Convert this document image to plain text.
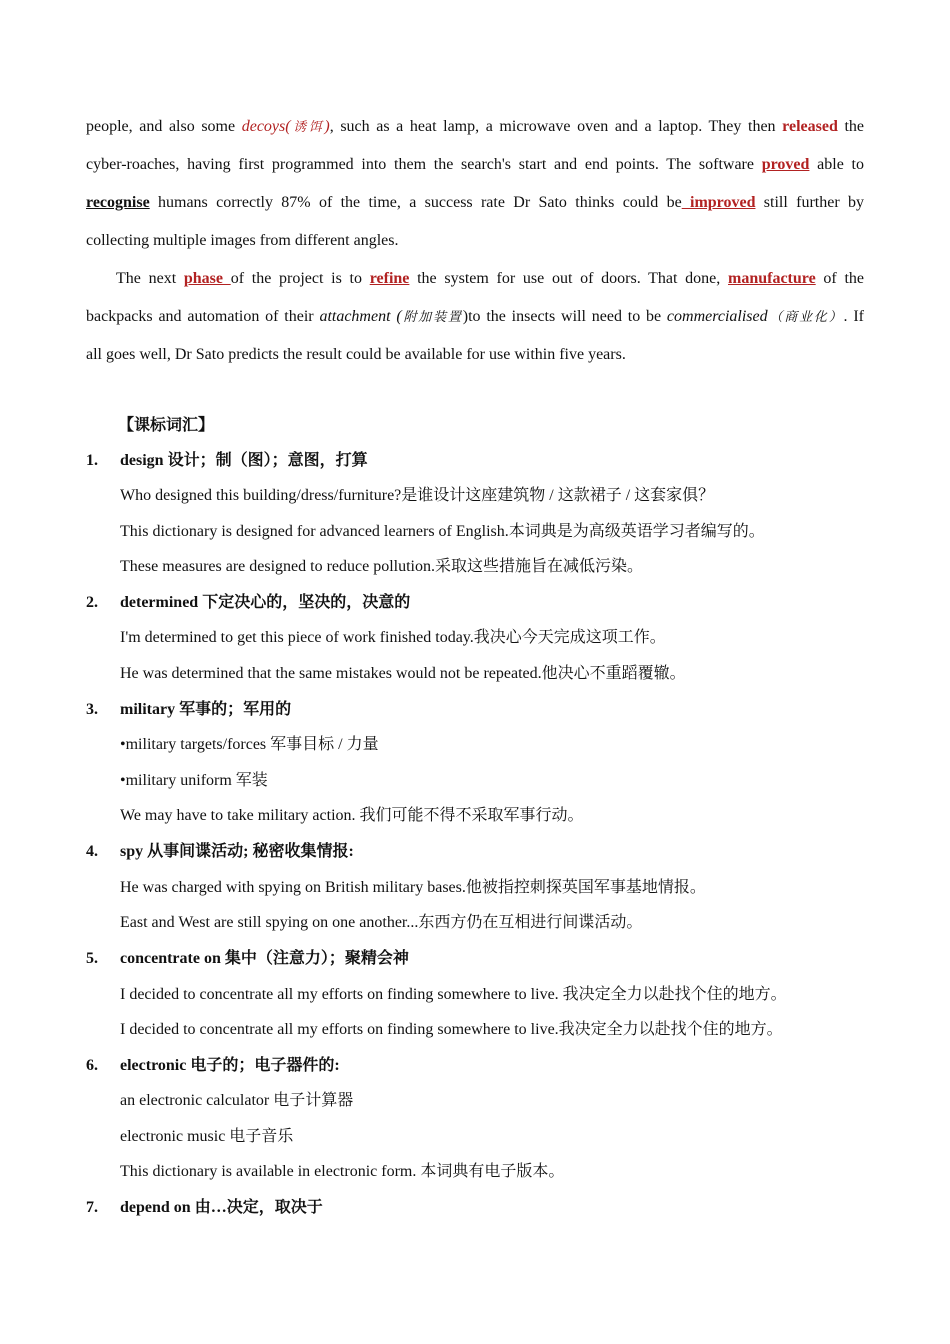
people, and also some decoys(诱饵), such as a heat lamp, a microwave oven and a laptop. They then released the
cyber-roaches, having first programmed into them the search's start and end points. The software proved able to
recognise humans correctly 87% of the time, a success rate Dr Sato thinks could be improved still further by
collecting multiple images from different angles.
The next phase of the project is to refine the system for use out of doors. That done, manufacture of the
backpacks and automation of their attachment (附加装置)to the insects will need to be commercialised（商业化）. If
all goes well, Dr Sato predicts the result could be available for use within five years.
【课标词汇】
1. design 设计；制（图）；意图，打算
Who designed this building/dress/furniture?是谁设计这座建筑物 / 这款裙子 / 这套家俱？
This dictionary is designed for advanced learners of English.本词典是为高级英语学习者编写的。
These measures are designed to reduce pollution.采取这些措施旨在减低污染。
2. determined 下定决心的，坚决的，决意的
I'm determined to get this piece of work finished today.我决心今天完成这项工作。
He was determined that the same mistakes would not be repeated.他决心不重蹈覆辙。
3. military 军事的；军用的
•military targets/forces 军事目标 / 力量
•military uniform 军装
We may have to take military action. 我们可能不得不采取军事行动。
4. spy 从事间谍活动; 秘密收集情报:
He was charged with spying on British military bases.他被指控刺探英国军事基地情报。
East and West are still spying on one another...东西方仍在互相进行间谍活动。
5. concentrate on 集中（注意力）；聚精会神
I decided to concentrate all my efforts on finding somewhere to live. 我决定全力以赴找个住的地方。
I decided to concentrate all my efforts on finding somewhere to live.我决定全力以赴找个住的地方。
6. electronic 电子的；电子器件的:
an electronic calculator 电子计算器
electronic music 电子音乐
This dictionary is available in electronic form. 本词典有电子版本。
7. depend on 由…决定，取决于
